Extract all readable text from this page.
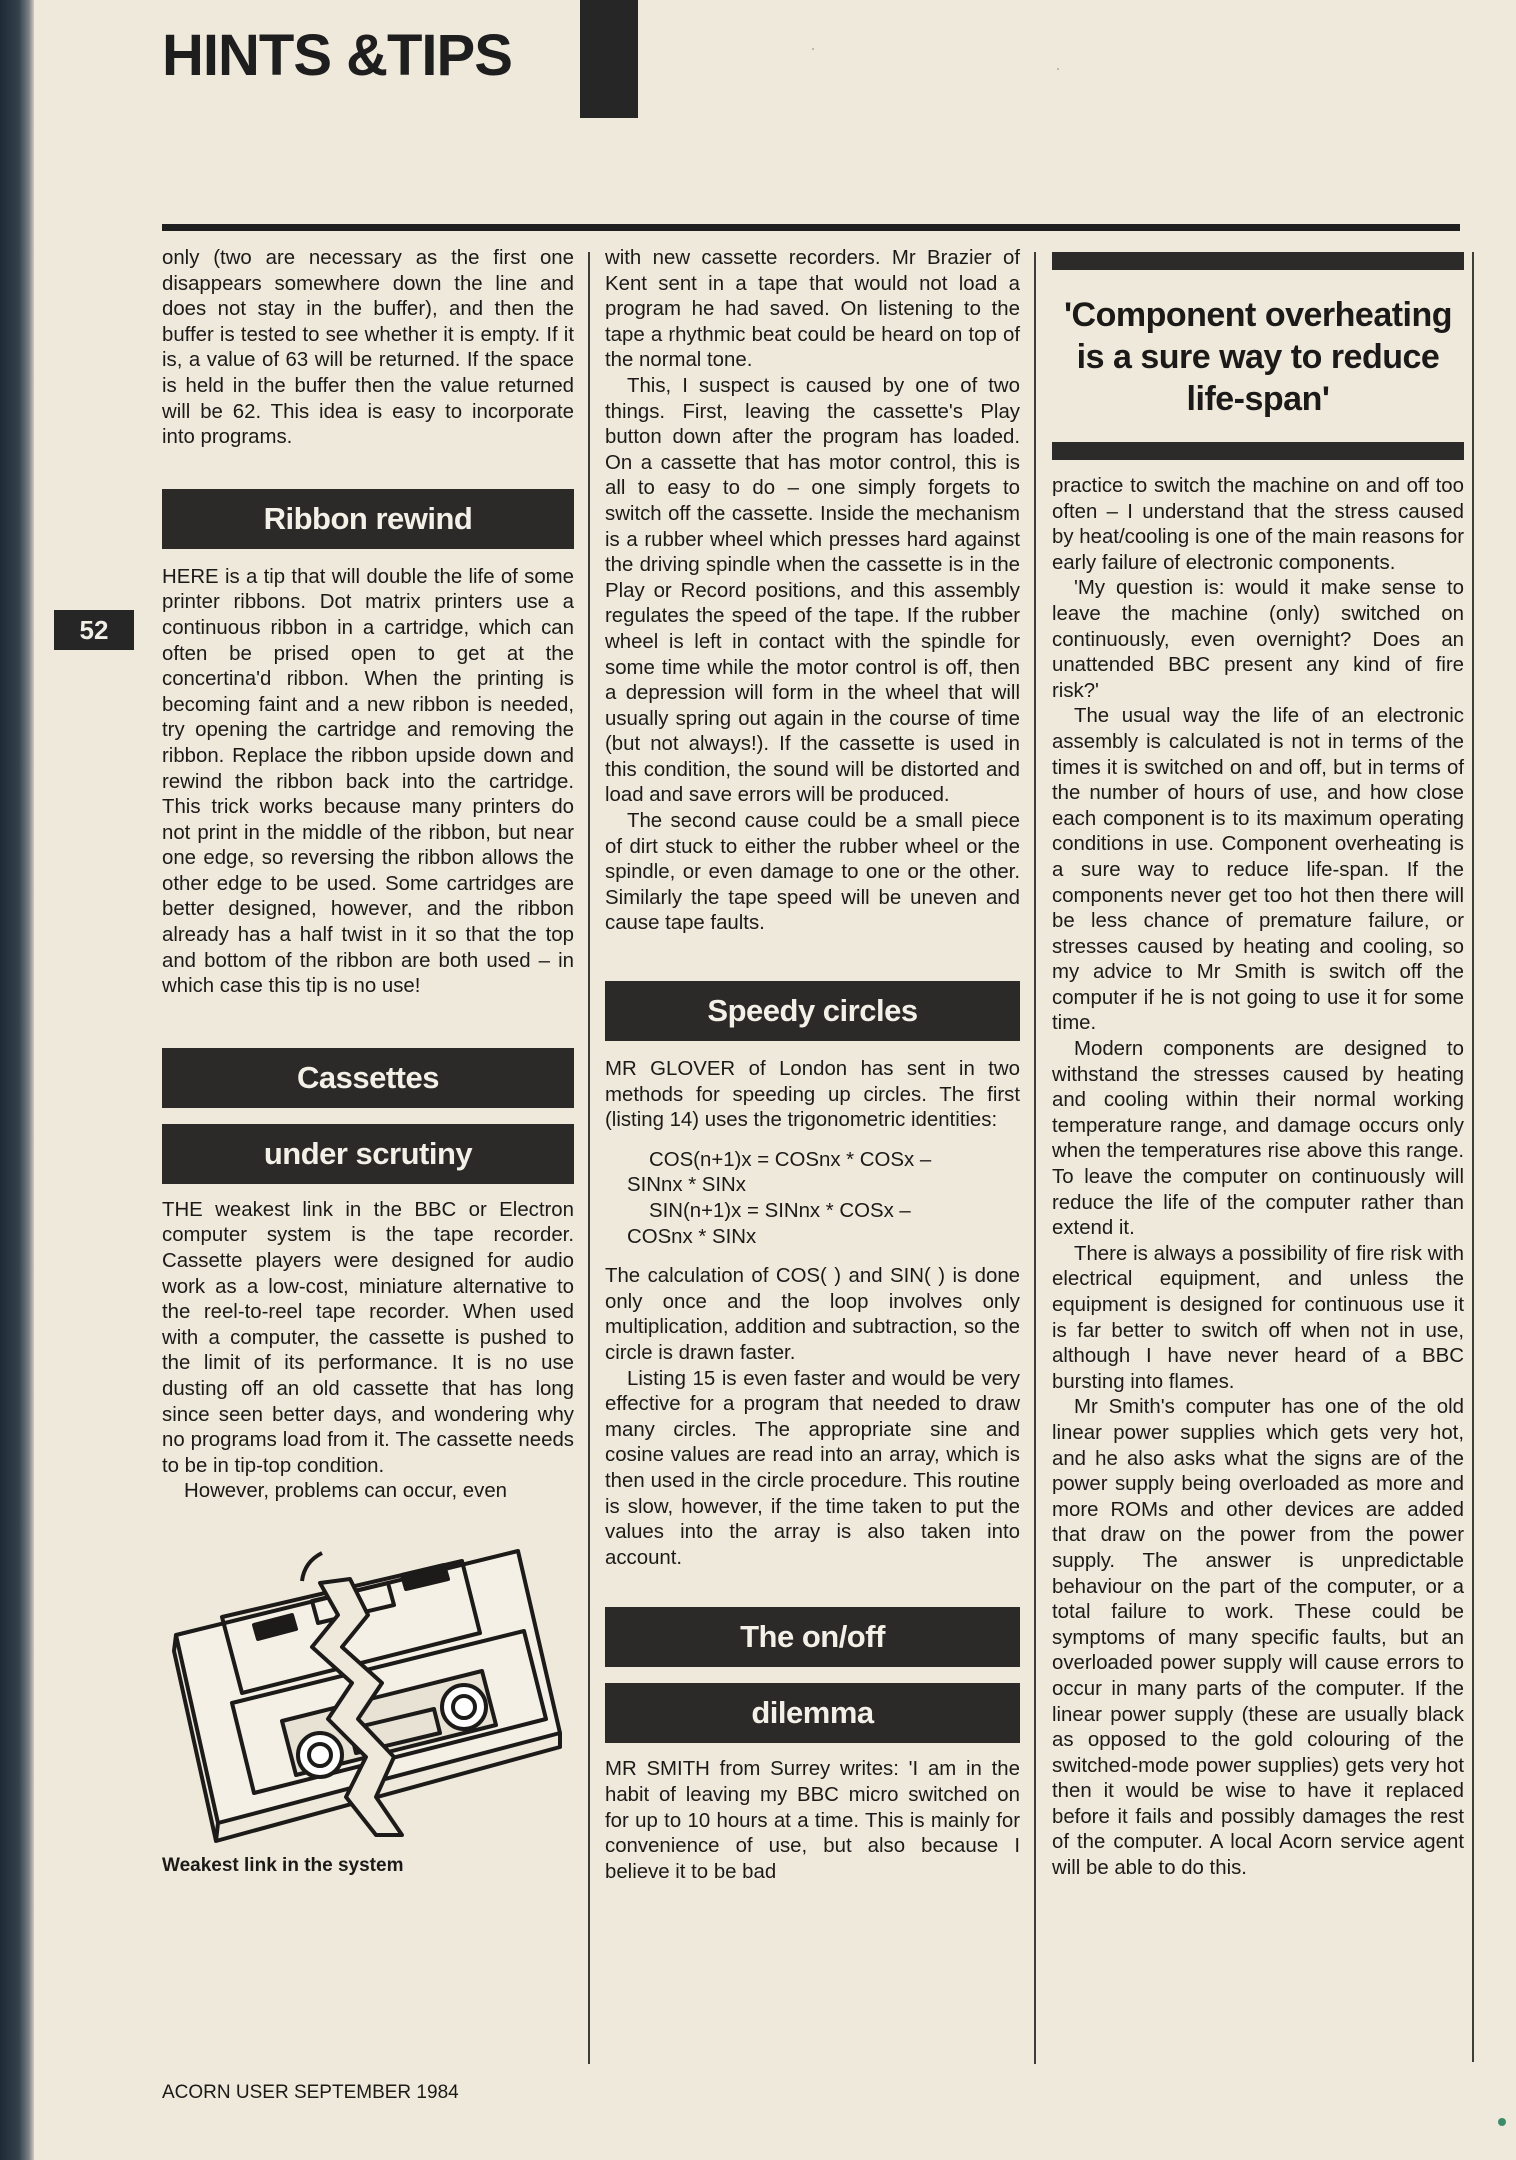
HINTS &TIPS
52
·
·

only (two are necessary as the first one disappears somewhere down the line and does not stay in the buffer), and then the buffer is tested to see whether it is empty. If it is, a value of 63 will be returned. If the space is held in the buffer then the value returned will be 62. This idea is easy to incorporate into programs.

Ribbon rewind

HERE is a tip that will double the life of some printer ribbons. Dot matrix printers use a continuous ribbon in a cartridge, which can often be prised open to get at the concertina'd ribbon. When the printing is becoming faint and a new ribbon is needed, try opening the cartridge and removing the ribbon. Replace the ribbon upside down and rewind the ribbon back into the cartridge. This trick works because many printers do not print in the middle of the ribbon, but near one edge, so reversing the ribbon allows the other edge to be used. Some cartridges are better designed, however, and the ribbon already has a half twist in it so that the top and bottom of the ribbon are both used – in which case this tip is no use!

Cassettes
under scrutiny

THE weakest link in the BBC or Electron computer system is the tape recorder. Cassette players were designed for audio work as a low-cost, miniature alternative to the reel-to-reel tape recorder. When used with a computer, the cassette is pushed to the limit of its performance. It is no use dusting off an old cassette that has long since seen better days, and wondering why no programs load from it. The cassette needs to be in tip-top condition.

However, problems can occur, even

Weakest link in the system

with new cassette recorders. Mr Brazier of Kent sent in a tape that would not load a program he had saved. On listening to the tape a rhythmic beat could be heard on top of the normal tone.

This, I suspect is caused by one of two things. First, leaving the cassette's Play button down after the program has loaded. On a cassette that has motor control, this is all to easy to do – one simply forgets to switch off the cassette. Inside the mechanism is a rubber wheel which presses hard against the driving spindle when the cassette is in the Play or Record positions, and this assembly regulates the speed of the tape. If the rubber wheel is left in contact with the spindle for some time while the motor control is off, then a depression will form in the wheel that will usually spring out again in the course of time (but not always!). If the cassette is used in this condition, the sound will be distorted and load and save errors will be produced.

The second cause could be a small piece of dirt stuck to either the rubber wheel or the spindle, or even damage to one or the other. Similarly the tape speed will be uneven and cause tape faults.

Speedy circles

MR GLOVER of London has sent in two methods for speeding up circles. The first (listing 14) uses the trigonometric identities:

COS(n+1)x = COSnx * COSx –

SINnx * SINx

SIN(n+1)x = SINnx * COSx –

COSnx * SINx

The calculation of COS( ) and SIN( ) is done only once and the loop involves only multiplication, addition and subtraction, so the circle is drawn faster.

Listing 15 is even faster and would be very effective for a program that needed to draw many circles. The appropriate sine and cosine values are read into an array, which is then used in the circle procedure. This routine is slow, however, if the time taken to put the values into the array is also taken into account.

The on/off
dilemma

MR SMITH from Surrey writes: 'I am in the habit of leaving my BBC micro switched on for up to 10 hours at a time. This is mainly for convenience of use, but also because I believe it to be bad

'Component overheating is a sure way to reduce life-span'

practice to switch the machine on and off too often – I understand that the stress caused by heat/cooling is one of the main reasons for early failure of electronic components.

'My question is: would it make sense to leave the machine (only) switched on continuously, even overnight? Does an unattended BBC present any kind of fire risk?'

The usual way the life of an electronic assembly is calculated is not in terms of the times it is switched on and off, but in terms of the number of hours of use, and how close each component is to its maximum operating conditions in use. Component overheating is a sure way to reduce life-span. If the components never get too hot then there will be less chance of premature failure, or stresses caused by heating and cooling, so my advice to Mr Smith is switch off the computer if he is not going to use it for some time.

Modern components are designed to withstand the stresses caused by heating and cooling within their normal working temperature range, and damage occurs only when the temperatures rise above this range. To leave the computer on continuously will reduce the life of the computer rather than extend it.

There is always a possibility of fire risk with electrical equipment, and unless the equipment is designed for continuous use it is far better to switch off when not in use, although I have never heard of a BBC bursting into flames.

Mr Smith's computer has one of the old linear power supplies which gets very hot, and he also asks what the signs are of the power supply being overloaded as more and more ROMs and other devices are added that draw on the power from the power supply. The answer is unpredictable behaviour on the part of the computer, or a total failure to work. These could be symptoms of many specific faults, but an overloaded power supply will cause errors to occur in many parts of the computer. If the linear power supply (these are usually black as opposed to the gold colouring of the switched-mode power supplies) gets very hot then it would be wise to have it replaced before it fails and possibly damages the rest of the computer. A local Acorn service agent will be able to do this.

ACORN USER SEPTEMBER 1984
